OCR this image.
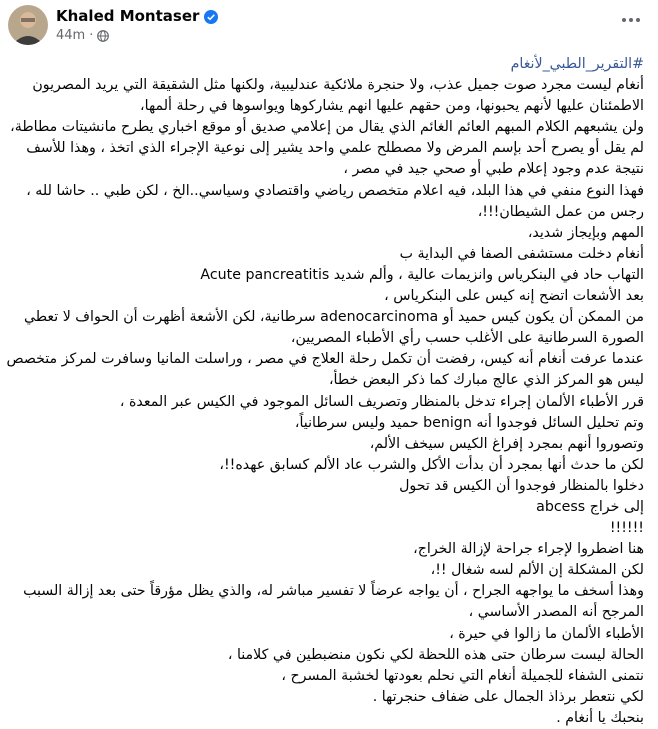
Khaled Montaser
44m ·
#التقرير_الطبي_لأنغام
أنغام ليست مجرد صوت جميل عذب، ولا حنجرة ملائكية عندليبية، ولكنها مثل الشقيقة التي يريد المصريون
الاطمئنان عليها لأنهم يحبونها، ومن حقهم عليها انهم يشاركوها ويواسوها في رحلة ألمها،
ولن يشبعهم الكلام المبهم العائم الغائم الذي يقال من إعلامي صديق أو موقع اخباري يطرح مانشيتات مطاطة،
لم يقل أو يصرح أحد بإسم المرض ولا مصطلح علمي واحد يشير إلى نوعية الإجراء الذي اتخذ ، وهذا للأسف
نتيجة عدم وجود إعلام طبي أو صحي جيد في مصر ،
فهذا النوع منفي في هذا البلد، فيه اعلام متخصص رياضي واقتصادي وسياسي..الخ ، لكن طبي .. حاشا لله ،
رجس من عمل الشيطان!!!،
المهم وبإيجاز شديد،
أنغام دخلت مستشفى الصفا في البداية ب
التهاب حاد في البنكرياس وانزيمات عالية ، وألم شديد Acute pancreatitis
بعد الأشعات اتضح إنه كيس على البنكرياس ،
من الممكن أن يكون كيس حميد أو adenocarcinoma سرطانية، لكن الأشعة أظهرت أن الحواف لا تعطي
الصورة السرطانية على الأغلب حسب رأي الأطباء المصريين،
عندما عرفت أنغام أنه كيس، رفضت أن تكمل رحلة العلاج في مصر ، وراسلت المانيا وسافرت لمركز متخصص
ليس هو المركز الذي عالج مبارك كما ذكر البعض خطأ،
قرر الأطباء الألمان إجراء تدخل بالمنظار وتصريف السائل الموجود في الكيس عبر المعدة ،
وتم تحليل السائل فوجدوا أنه benign حميد وليس سرطانياً،
وتصوروا أنهم بمجرد إفراغ الكيس سيخف الألم،
لكن ما حدث أنها بمجرد أن بدأت الأكل والشرب عاد الألم كسابق عهده!!،
دخلوا بالمنظار فوجدوا أن الكيس قد تحول
إلى خراج abcess
!!!!!!
هنا اضطروا لإجراء جراحة لإزالة الخراج،
لكن المشكلة إن الألم لسه شغال !!،
وهذا أسخف ما يواجهه الجراح ، أن يواجه عرضاً لا تفسير مباشر له، والذي يظل مؤرقاً حتى بعد إزالة السبب
المرجح أنه المصدر الأساسي ،
الأطباء الألمان ما زالوا في حيرة ،
الحالة ليست سرطان حتى هذه اللحظة لكي نكون منضبطين في كلامنا ،
نتمنى الشفاء للجميلة أنغام التي نحلم بعودتها لخشبة المسرح ،
لكي نتعطر برذاذ الجمال على ضفاف حنجرتها .
بنحبك يا أنغام .
